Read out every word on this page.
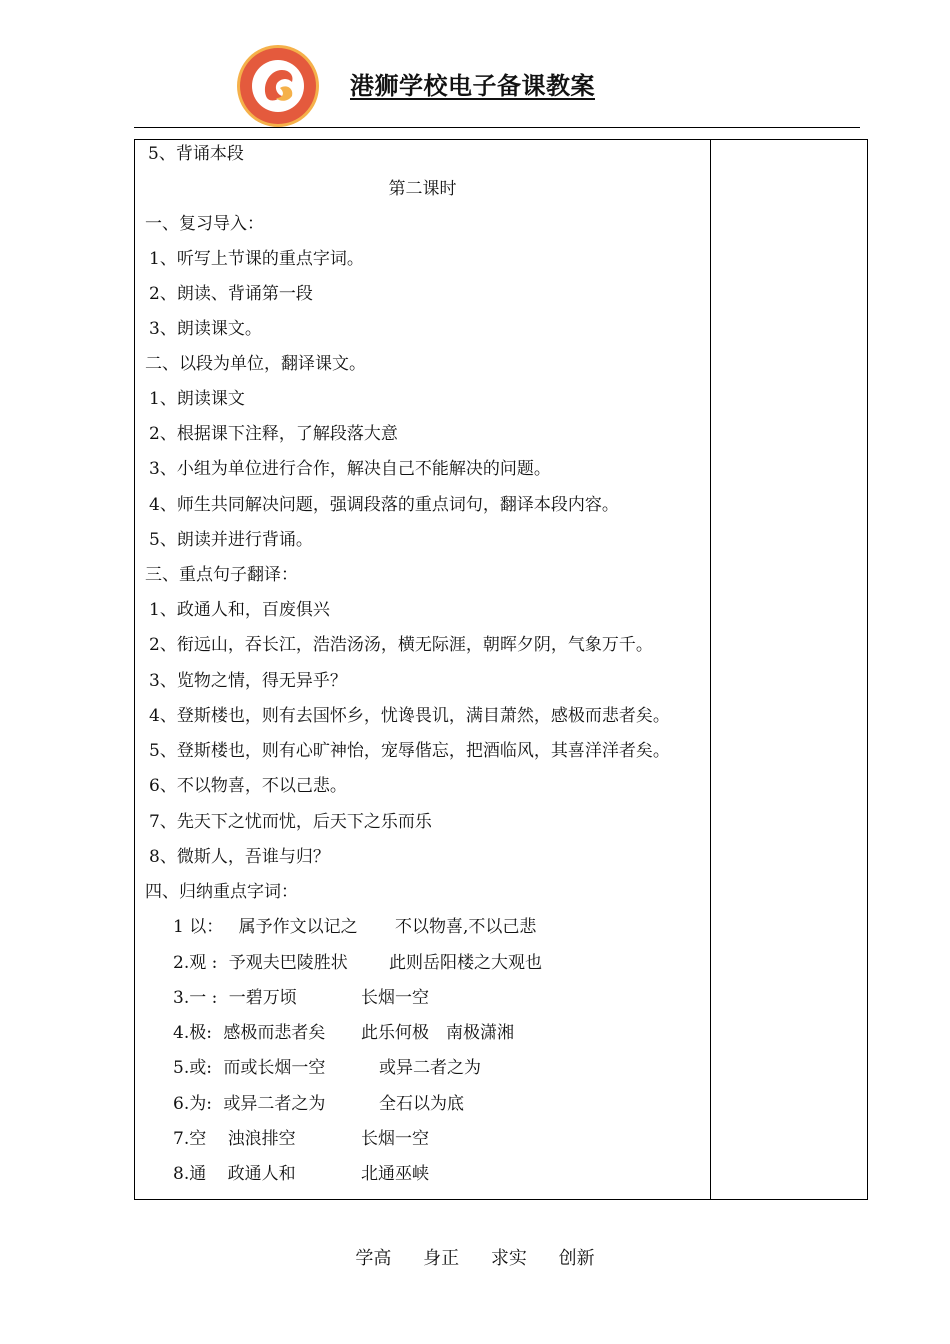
港狮学校电子备课教案
5、背诵本段
第二课时
一、复习导入：
1、听写上节课的重点字词。
2、朗读、背诵第一段
3、朗读课文。
二、以段为单位，翻译课文。
1、朗读课文
2、根据课下注释，了解段落大意
3、小组为单位进行合作，解决自己不能解决的问题。
4、师生共同解决问题，强调段落的重点词句，翻译本段内容。
5、朗读并进行背诵。
三、重点句子翻译：
1、政通人和，百废俱兴
2、衔远山，吞长江，浩浩汤汤，横无际涯，朝晖夕阴，气象万千。
3、览物之情，得无异乎？
4、登斯楼也，则有去国怀乡，忧谗畏讥，满目萧然，感极而悲者矣。
5、登斯楼也，则有心旷神怡，宠辱偕忘，把酒临风，其喜洋洋者矣。
6、不以物喜，不以己悲。
7、先天下之忧而忧，后天下之乐而乐
8、微斯人，吾谁与归？
四、归纳重点字词：
1 以： 属予作文以记之 不以物喜,不以己悲
2.观 : 予观夫巴陵胜状 此则岳阳楼之大观也
3.一 : 一碧万顷	长烟一空
4.极: 感极而悲者矣 此乐何极　南极潇湘
5.或: 而或长烟一空	或异二者之为
6.为: 或异二者之为	全石以为底
7.空 浊浪排空	长烟一空
8.通 政通人和	北通巫峡
学高 身正 求实 创新
